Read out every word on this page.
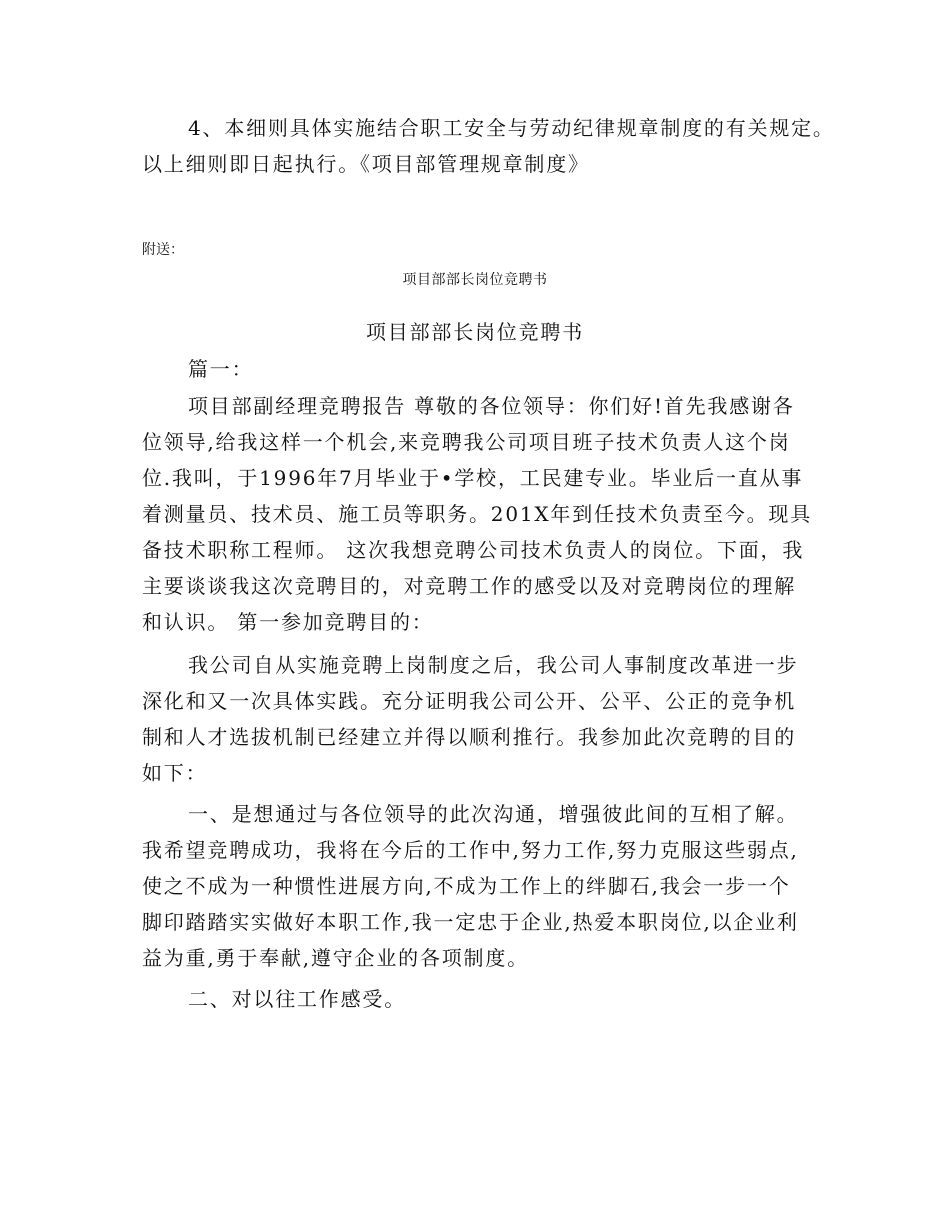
4、本细则具体实施结合职工安全与劳动纪律规章制度的有关规定。
以上细则即日起执行。《项目部管理规章制度》

附送：

项目部部长岗位竞聘书

项目部部长岗位竞聘书

篇一：

项目部副经理竞聘报告 尊敬的各位领导：你们好!首先我感谢各
位领导,给我这样一个机会,来竞聘我公司项目班子技术负责人这个岗
位.我叫，于1996年7月毕业于•学校，工民建专业。毕业后一直从事
着测量员、技术员、施工员等职务。201X年到任技术负责至今。现具
备技术职称工程师。 这次我想竞聘公司技术负责人的岗位。下面，我
主要谈谈我这次竞聘目的，对竞聘工作的感受以及对竞聘岗位的理解
和认识。 第一参加竞聘目的：

我公司自从实施竞聘上岗制度之后，我公司人事制度改革进一步
深化和又一次具体实践。充分证明我公司公开、公平、公正的竞争机
制和人才选拔机制已经建立并得以顺利推行。我参加此次竞聘的目的
如下：

一、是想通过与各位领导的此次沟通，增强彼此间的互相了解。
我希望竞聘成功，我将在今后的工作中,努力工作,努力克服这些弱点,
使之不成为一种惯性进展方向,不成为工作上的绊脚石,我会一步一个
脚印踏踏实实做好本职工作,我一定忠于企业,热爱本职岗位,以企业利
益为重,勇于奉献,遵守企业的各项制度。

二、对以往工作感受。
